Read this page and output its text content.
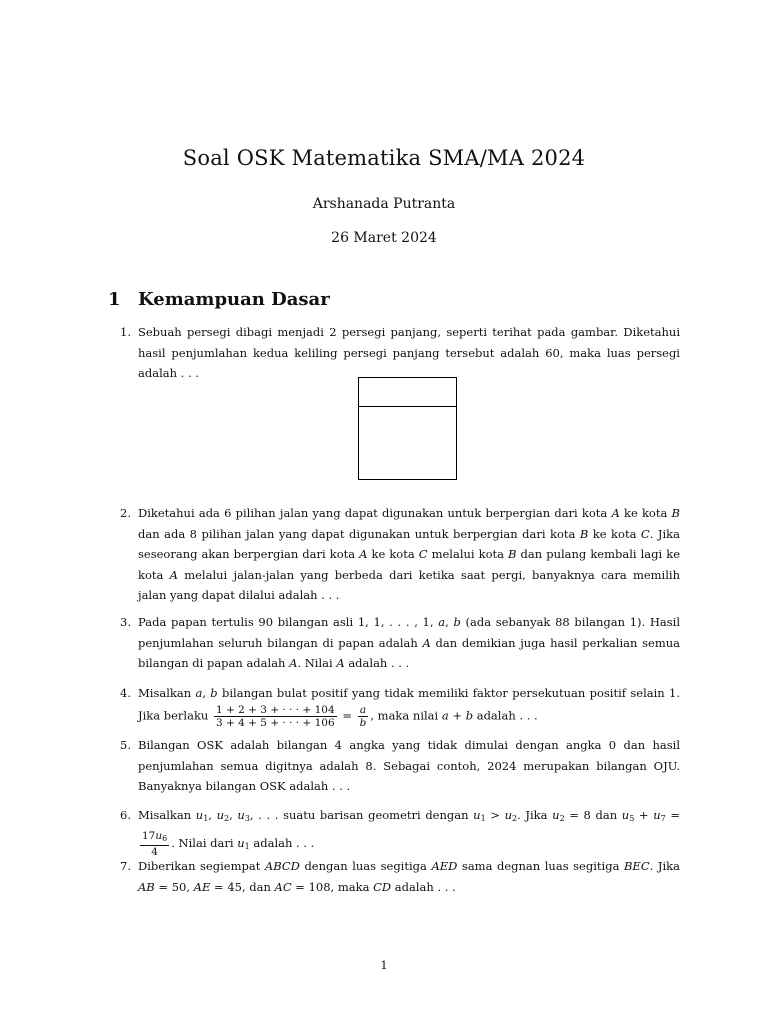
Soal OSK Matematika SMA/MA 2024
Arshanada Putranta
26 Maret 2024
1 Kemampuan Dasar
1. Sebuah persegi dibagi menjadi 2 persegi panjang, seperti terihat pada gambar. Diketahui hasil penjumlahan kedua keliling persegi panjang tersebut adalah 60, maka luas persegi adalah . . .
2. Diketahui ada 6 pilihan jalan yang dapat digunakan untuk berpergian dari kota A ke kota B dan ada 8 pilihan jalan yang dapat digunakan untuk berpergian dari kota B ke kota C. Jika seseorang akan berpergian dari kota A ke kota C melalui kota B dan pulang kembali lagi ke kota A melalui jalan-jalan yang berbeda dari ketika saat pergi, banyaknya cara memilih jalan yang dapat dilalui adalah . . .
3. Pada papan tertulis 90 bilangan asli 1, 1, . . . , 1, a, b (ada sebanyak 88 bilangan 1). Hasil penjumlahan seluruh bilangan di papan adalah A dan demikian juga hasil perkalian semua bilangan di papan adalah A. Nilai A adalah . . .
4. Misalkan a, b bilangan bulat positif yang tidak memiliki faktor persekutuan positif selain 1. Jika berlaku $\frac{1 + 2 + 3 + \cdot \cdot \cdot + 104}{3 + 4 + 5 + \cdot \cdot \cdot + 106} = \frac{a}{b}$ , maka nilai a + b adalah . . .
5. Bilangan OSK adalah bilangan 4 angka yang tidak dimulai dengan angka 0 dan hasil penjumlahan semua digitnya adalah 8. Sebagai contoh, 2024 merupakan bilangan OJU. Banyaknya bilangan OSK adalah . . .
6. Misalkan $u_1$, $u_2$, $u_3$, . . . suatu barisan geometri dengan $u_1 > u_2$. Jika $u_2 = 8$ dan $u_5 + u_7$ =
$\frac{17u_6}{4}$ . Nilai dari $u_1$ adalah . . .
7. Diberikan segiempat ABCD dengan luas segitiga AED sama degnan luas segitiga BEC. Jika AB = 50, AE = 45, dan AC = 108, maka CD adalah . . .
1
